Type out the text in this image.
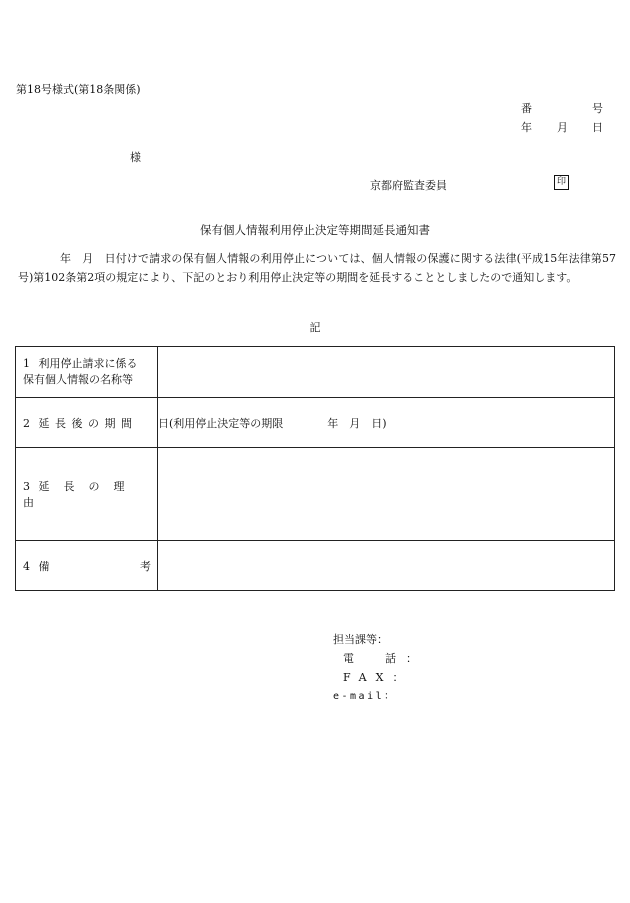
第18号様式(第18条関係)
番	号
年 月 日
様
京都府監査委員	印
保有個人情報利用停止決定等期間延長通知書
年　月　日付けで請求の保有個人情報の利用停止については、個人情報の保護に関する法律(平成15年法律第57号)第102条第2項の規定により、下記のとおり利用停止決定等の期間を延長することとしましたので通知します。
記
1 利用停止請求に係る
保有個人情報の名称等	

2 延長後の期間	日(利用停止決定等の期限　　　　年　月　日)
3 延長の理由	

4 備 考	

担当課等：
電　話：
FAX：
e-mail：
